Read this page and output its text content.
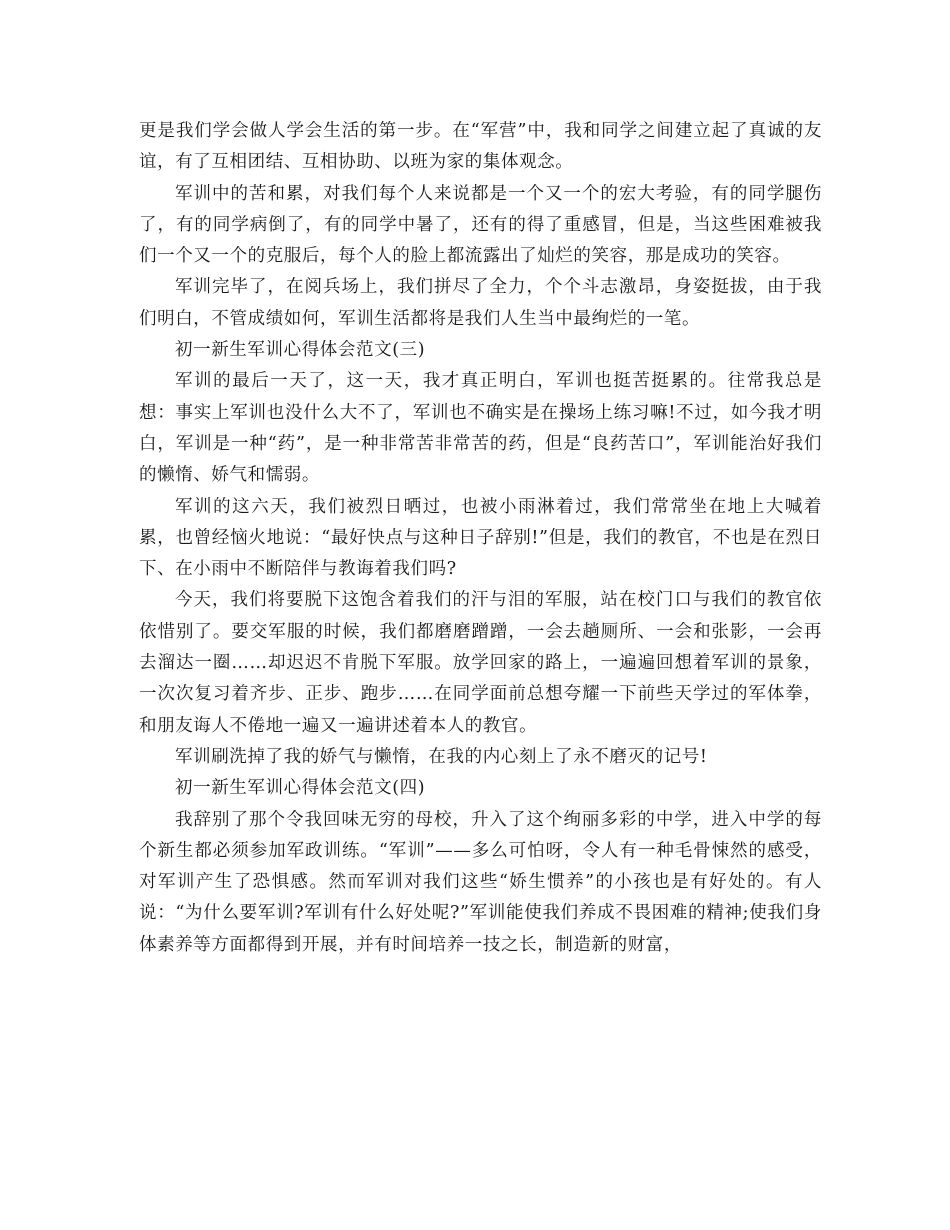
更是我们学会做人学会生活的第一步。在“军营”中，我和同学之间建立起了真诚的友谊，有了互相团结、互相协助、以班为家的集体观念。

军训中的苦和累，对我们每个人来说都是一个又一个的宏大考验，有的同学腿伤了，有的同学病倒了，有的同学中暑了，还有的得了重感冒，但是，当这些困难被我们一个又一个的克服后，每个人的脸上都流露出了灿烂的笑容，那是成功的笑容。

军训完毕了，在阅兵场上，我们拼尽了全力，个个斗志激昂，身姿挺拔，由于我们明白，不管成绩如何，军训生活都将是我们人生当中最绚烂的一笔。

初一新生军训心得体会范文(三)

军训的最后一天了，这一天，我才真正明白，军训也挺苦挺累的。往常我总是想：事实上军训也没什么大不了，军训也不确实是在操场上练习嘛!不过，如今我才明白，军训是一种“药”，是一种非常苦非常苦的药，但是“良药苦口”，军训能治好我们的懒惰、娇气和懦弱。

军训的这六天，我们被烈日晒过，也被小雨淋着过，我们常常坐在地上大喊着累，也曾经恼火地说：“最好快点与这种日子辞别!”但是，我们的教官，不也是在烈日下、在小雨中不断陪伴与教诲着我们吗?

今天，我们将要脱下这饱含着我们的汗与泪的军服，站在校门口与我们的教官依依惜别了。要交军服的时候，我们都磨磨蹭蹭，一会去趟厕所、一会和张影，一会再去溜达一圈……却迟迟不肯脱下军服。放学回家的路上，一遍遍回想着军训的景象，一次次复习着齐步、正步、跑步……在同学面前总想夸耀一下前些天学过的军体拳，和朋友诲人不倦地一遍又一遍讲述着本人的教官。

军训刷洗掉了我的娇气与懒惰，在我的内心刻上了永不磨灭的记号!

初一新生军训心得体会范文(四)

我辞别了那个令我回味无穷的母校，升入了这个绚丽多彩的中学，进入中学的每个新生都必须参加军政训练。“军训”——多么可怕呀，令人有一种毛骨悚然的感受，对军训产生了恐惧感。然而军训对我们这些“娇生惯养”的小孩也是有好处的。有人说：“为什么要军训?军训有什么好处呢?”军训能使我们养成不畏困难的精神;使我们身体素养等方面都得到开展，并有时间培养一技之长，制造新的财富，
